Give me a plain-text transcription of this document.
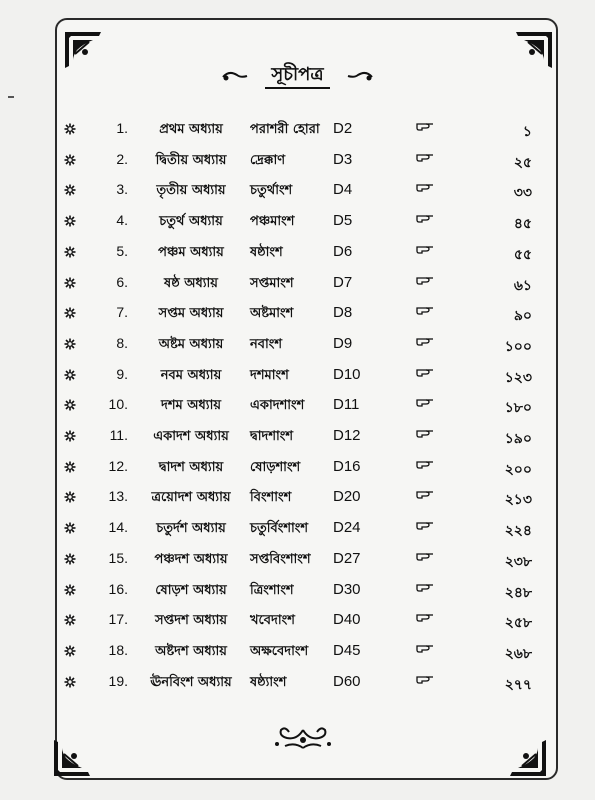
সূচীপত্র
1.	প্রথম অধ্যায়	পরাশরী হোরা D2	১
2.	দ্বিতীয় অধ্যায়	দ্রেক্কাণ	D3	২৫
3.	তৃতীয় অধ্যায়	চতুর্থাংশ	D4	৩৩
4.	চতুর্থ অধ্যায়	পঞ্চমাংশ	D5	৪৫
5.	পঞ্চম অধ্যায়	ষষ্ঠাংশ	D6	৫৫
6.	ষষ্ঠ অধ্যায়	সপ্তমাংশ	D7	৬১
7.	সপ্তম অধ্যায়	অষ্টমাংশ	D8	৯০
8.	অষ্টম অধ্যায়	নবাংশ	D9	১০০
9.	নবম অধ্যায়	দশমাংশ	D10	১২৩
10.	দশম অধ্যায়	একাদশাংশ	D11	১৮০
11.	একাদশ অধ্যায়	দ্বাদশাংশ	D12	১৯০
12.	দ্বাদশ অধ্যায়	ষোড়শাংশ	D16	২০০
13.	ত্রয়োদশ অধ্যায়	বিংশাংশ	D20	২১৩
14.	চতুর্দশ অধ্যায়	চতুর্বিংশাংশ	D24	২২৪
15.	পঞ্চদশ অধ্যায়	সপ্তবিংশাংশ	D27	২৩৮
16.	ষোড়শ অধ্যায়	ত্রিংশাংশ	D30	২৪৮
17.	সপ্তদশ অধ্যায়	খবেদাংশ	D40	২৫৮
18.	অষ্টদশ অধ্যায়	অক্ষবেদাংশ	D45	২৬৮
19.	ঊনবিংশ অধ্যায়	ষষ্ঠ্যাংশ	D60	২৭৭
